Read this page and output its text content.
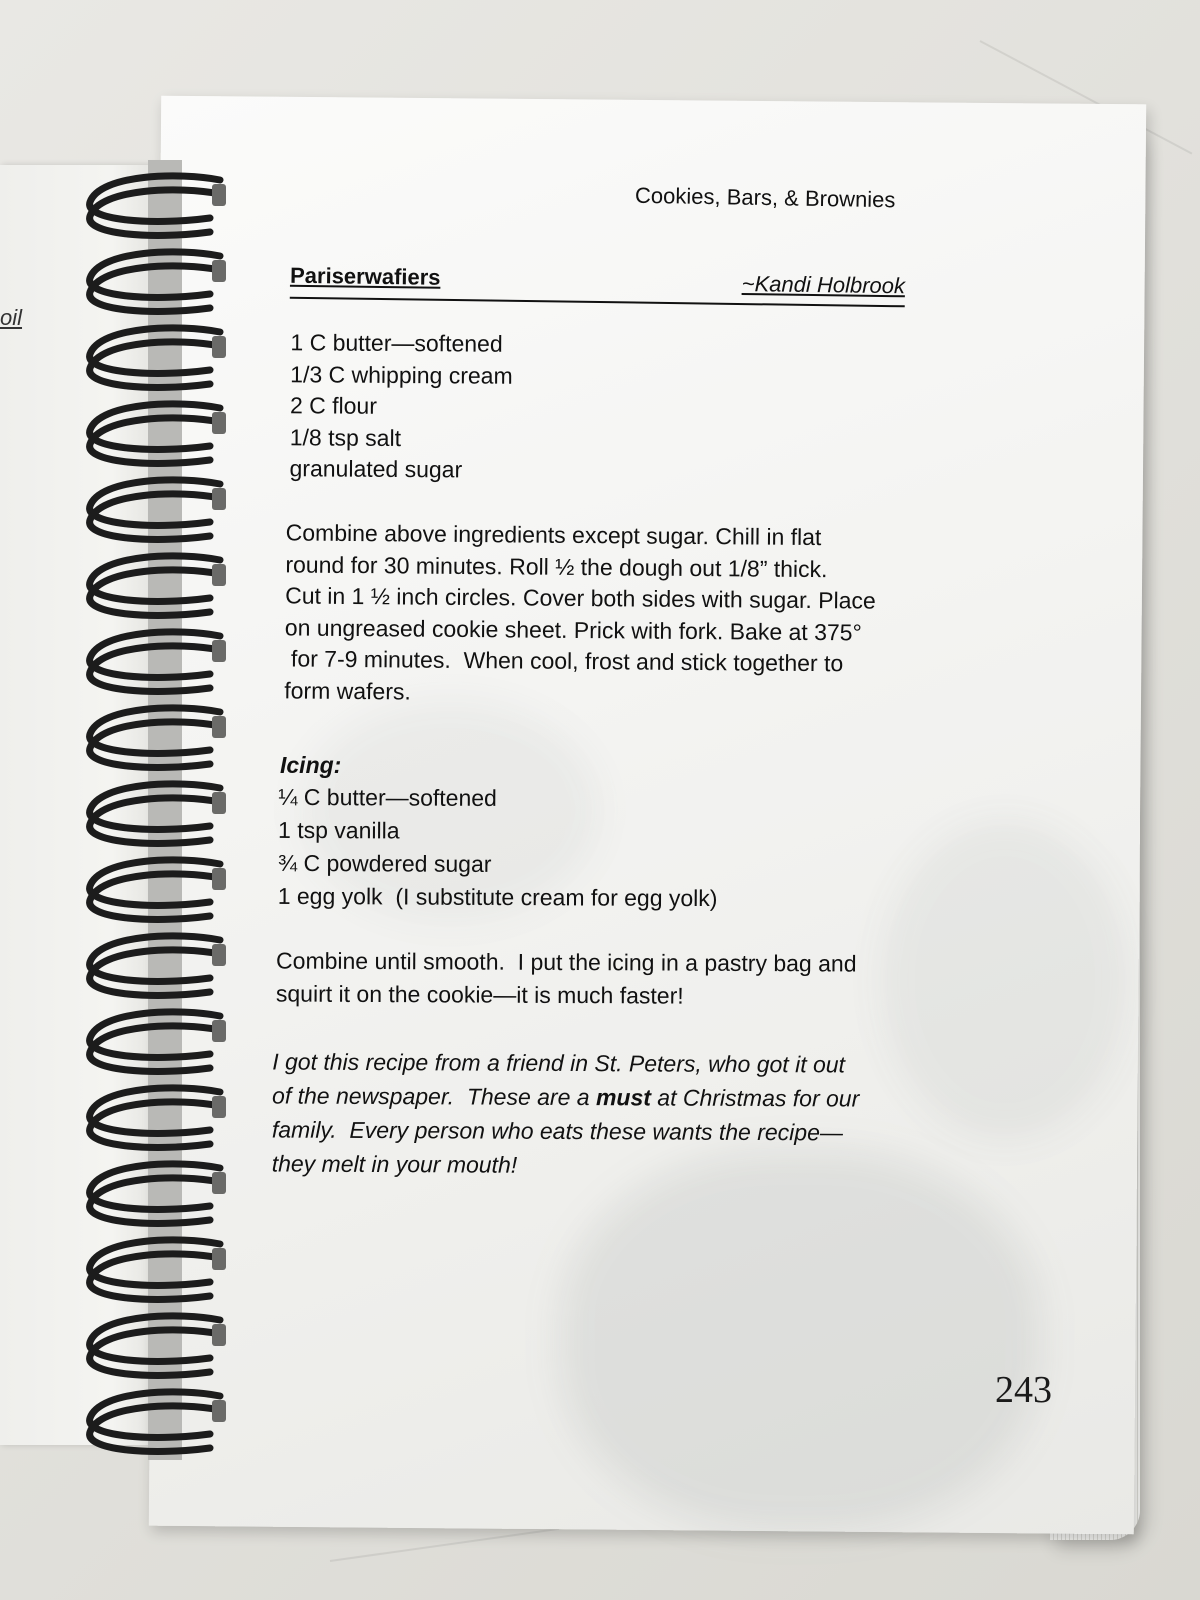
oil
Cookies, Bars, & Brownies
Pariserwafiers	~Kandi Holbrook
1 C butter—softened
1/3 C whipping cream
2 C flour
1/8 tsp salt
granulated sugar
Combine above ingredients except sugar. Chill in flat
round for 30 minutes. Roll ½ the dough out 1/8” thick.
Cut in 1 ½ inch circles. Cover both sides with sugar. Place
on ungreased cookie sheet. Prick with fork. Bake at 375°
for 7-9 minutes.  When cool, frost and stick together to
form wafers.
Icing:
¼ C butter—softened
1 tsp vanilla
¾ C powdered sugar
1 egg yolk  (I substitute cream for egg yolk)
Combine until smooth.  I put the icing in a pastry bag and
squirt it on the cookie—it is much faster!
I got this recipe from a friend in St. Peters, who got it out
of the newspaper.  These are a must at Christmas for our
family.  Every person who eats these wants the recipe—
they melt in your mouth!
243
